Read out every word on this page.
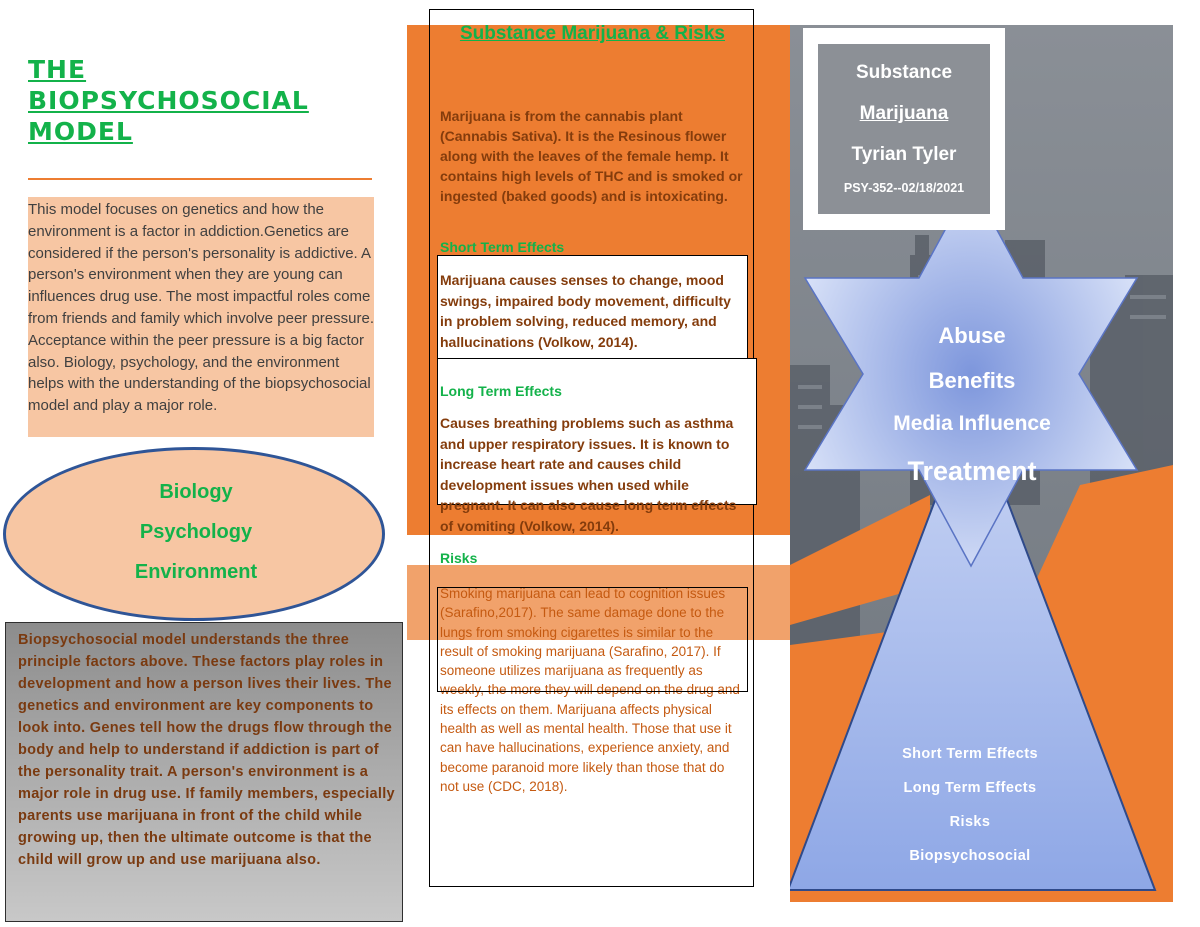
THE
BIOPSYCHOSOCIAL
MODEL

This model focuses on genetics and how the environment is a factor in addiction.Genetics are considered if the person's personality is addictive. A person's environment when they are young can influences drug use. The most impactful roles come from friends and family which involve peer pressure. Acceptance within the peer pressure is a big factor also. Biology, psychology, and the environment helps with the understanding of the biopsychosocial model and play a major role.

Biology
Psychology
Environment

Biopsychosocial model understands the three principle factors above. These factors play roles in development and how a person lives their lives. The genetics and environment are key components to look into. Genes tell how the drugs flow through the body and help to understand if addiction is part of the personality trait. A person's environment is a major role in drug use. If family members, especially parents use marijuana in front of the child while growing up, then the ultimate outcome is that the child will grow up and use marijuana also.

Substance Marijuana & Risks

Marijuana is from the cannabis plant (Cannabis Sativa). It is the Resinous flower along with the leaves of the female hemp. It contains high levels of THC and is smoked or ingested (baked goods) and is intoxicating.

Short Term Effects

Marijuana causes senses to change, mood swings, impaired body movement, difficulty in problem solving, reduced memory, and hallucinations (Volkow, 2014).

Long Term Effects

Causes breathing problems such as asthma and upper respiratory issues. It is known to increase heart rate and causes child development issues when used while pregnant. It can also cause long term effects of vomiting (Volkow, 2014).

Risks

Smoking marijuana can lead to cognition issues (Sarafino,2017). The same damage done to the lungs from smoking cigarettes is similar to the result of smoking marijuana (Sarafino, 2017). If someone utilizes marijuana as frequently as weekly, the more they will depend on the drug and its effects on them. Marijuana affects physical health as well as mental health. Those that use it can have hallucinations, experience anxiety, and become paranoid more likely than those that do not use (CDC, 2018).

Substance
Marijuana
Tyrian Tyler
PSY-352--02/18/2021
Abuse
Benefits
Media Influence
Treatment
Short Term Effects
Long Term Effects
Risks
Biopsychosocial
